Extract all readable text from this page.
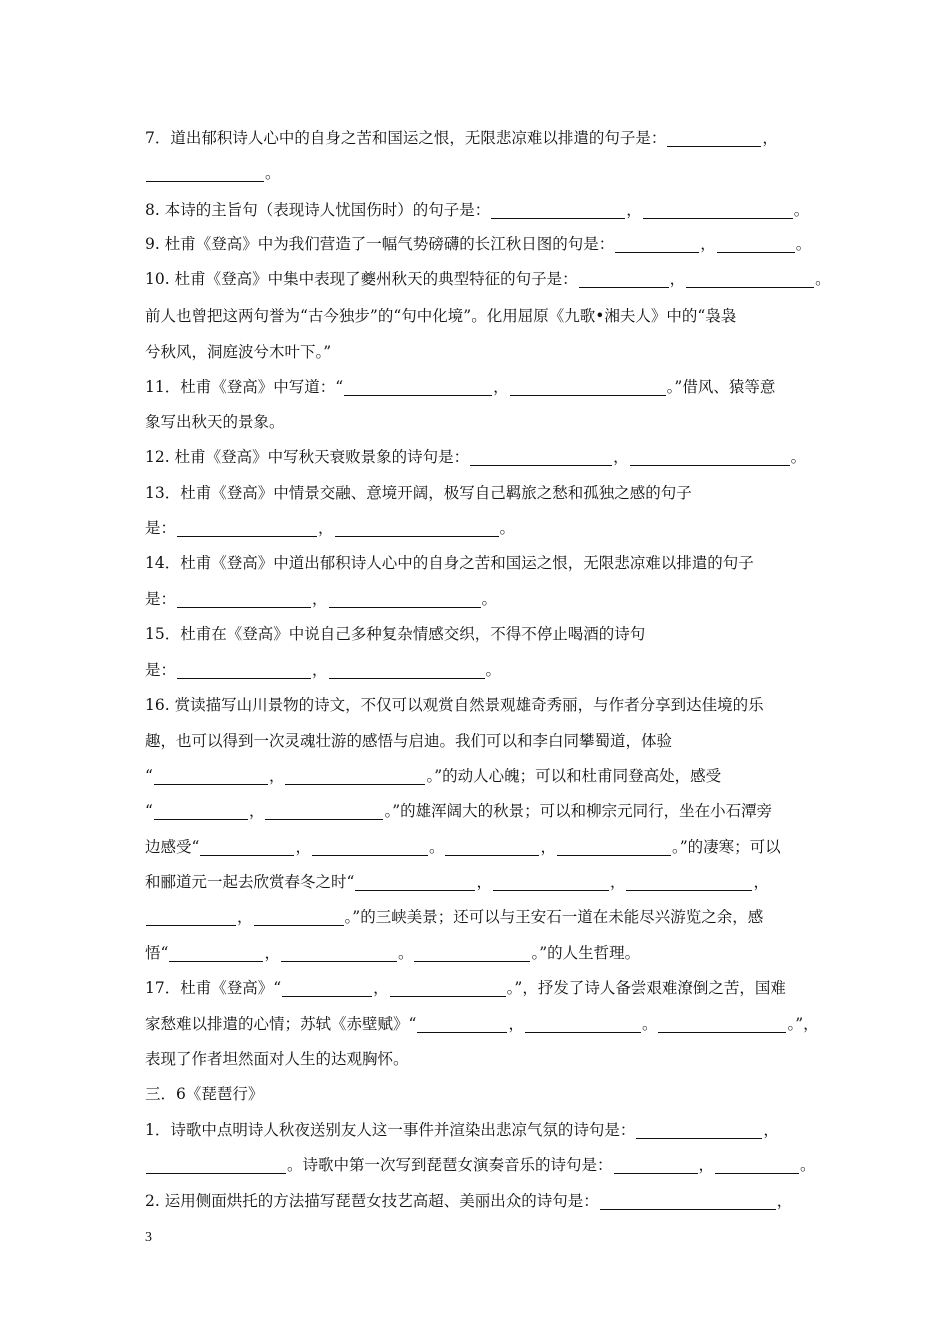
7．道出郁积诗人心中的自身之苦和国运之恨，无限悲凉难以排遣的句子是：	，
。
8. 本诗的主旨句（表现诗人忧国伤时）的句子是：	，	。
9. 杜甫《登高》中为我们营造了一幅气势磅礴的长江秋日图的句是：	，	。
10. 杜甫《登高》中集中表现了夔州秋天的典型特征的句子是：	，	。
前人也曾把这两句誉为“古今独步”的“句中化境”。化用屈原《九歌•湘夫人》中的“袅袅
兮秋风，洞庭波兮木叶下。”
11．杜甫《登高》中写道：“	，	。”借风、猿等意
象写出秋天的景象。
12. 杜甫《登高》中写秋天衰败景象的诗句是：	，	。
13．杜甫《登高》中情景交融、意境开阔，极写自己羁旅之愁和孤独之感的句子
是：	，	。
14．杜甫《登高》中道出郁积诗人心中的自身之苦和国运之恨，无限悲凉难以排遣的句子
是：	，	。
15．杜甫在《登高》中说自己多种复杂情感交织，不得不停止喝酒的诗句
是：	，	。
16. 赏读描写山川景物的诗文，不仅可以观赏自然景观雄奇秀丽，与作者分享到达佳境的乐
趣，也可以得到一次灵魂壮游的感悟与启迪。我们可以和李白同攀蜀道，体验
“	，	。”的动人心魄；可以和杜甫同登高处，感受
“	，	。”的雄浑阔大的秋景；可以和柳宗元同行，坐在小石潭旁
边感受“	，	。	，	。”的凄寒；可以
和郦道元一起去欣赏春冬之时“	，	，	，
，	。”的三峡美景；还可以与王安石一道在未能尽兴游览之余，感
悟“	，	。	。”的人生哲理。
17．杜甫《登高》“	，	。”，抒发了诗人备尝艰难潦倒之苦，国难
家愁难以排遣的心情；苏轼《赤壁赋》“	，	。	。”，
表现了作者坦然面对人生的达观胸怀。
三．6《琵琶行》
1．诗歌中点明诗人秋夜送别友人这一事件并渲染出悲凉气氛的诗句是：	，
。诗歌中第一次写到琵琶女演奏音乐的诗句是：	，	。
2. 运用侧面烘托的方法描写琵琶女技艺高超、美丽出众的诗句是：	，
3
